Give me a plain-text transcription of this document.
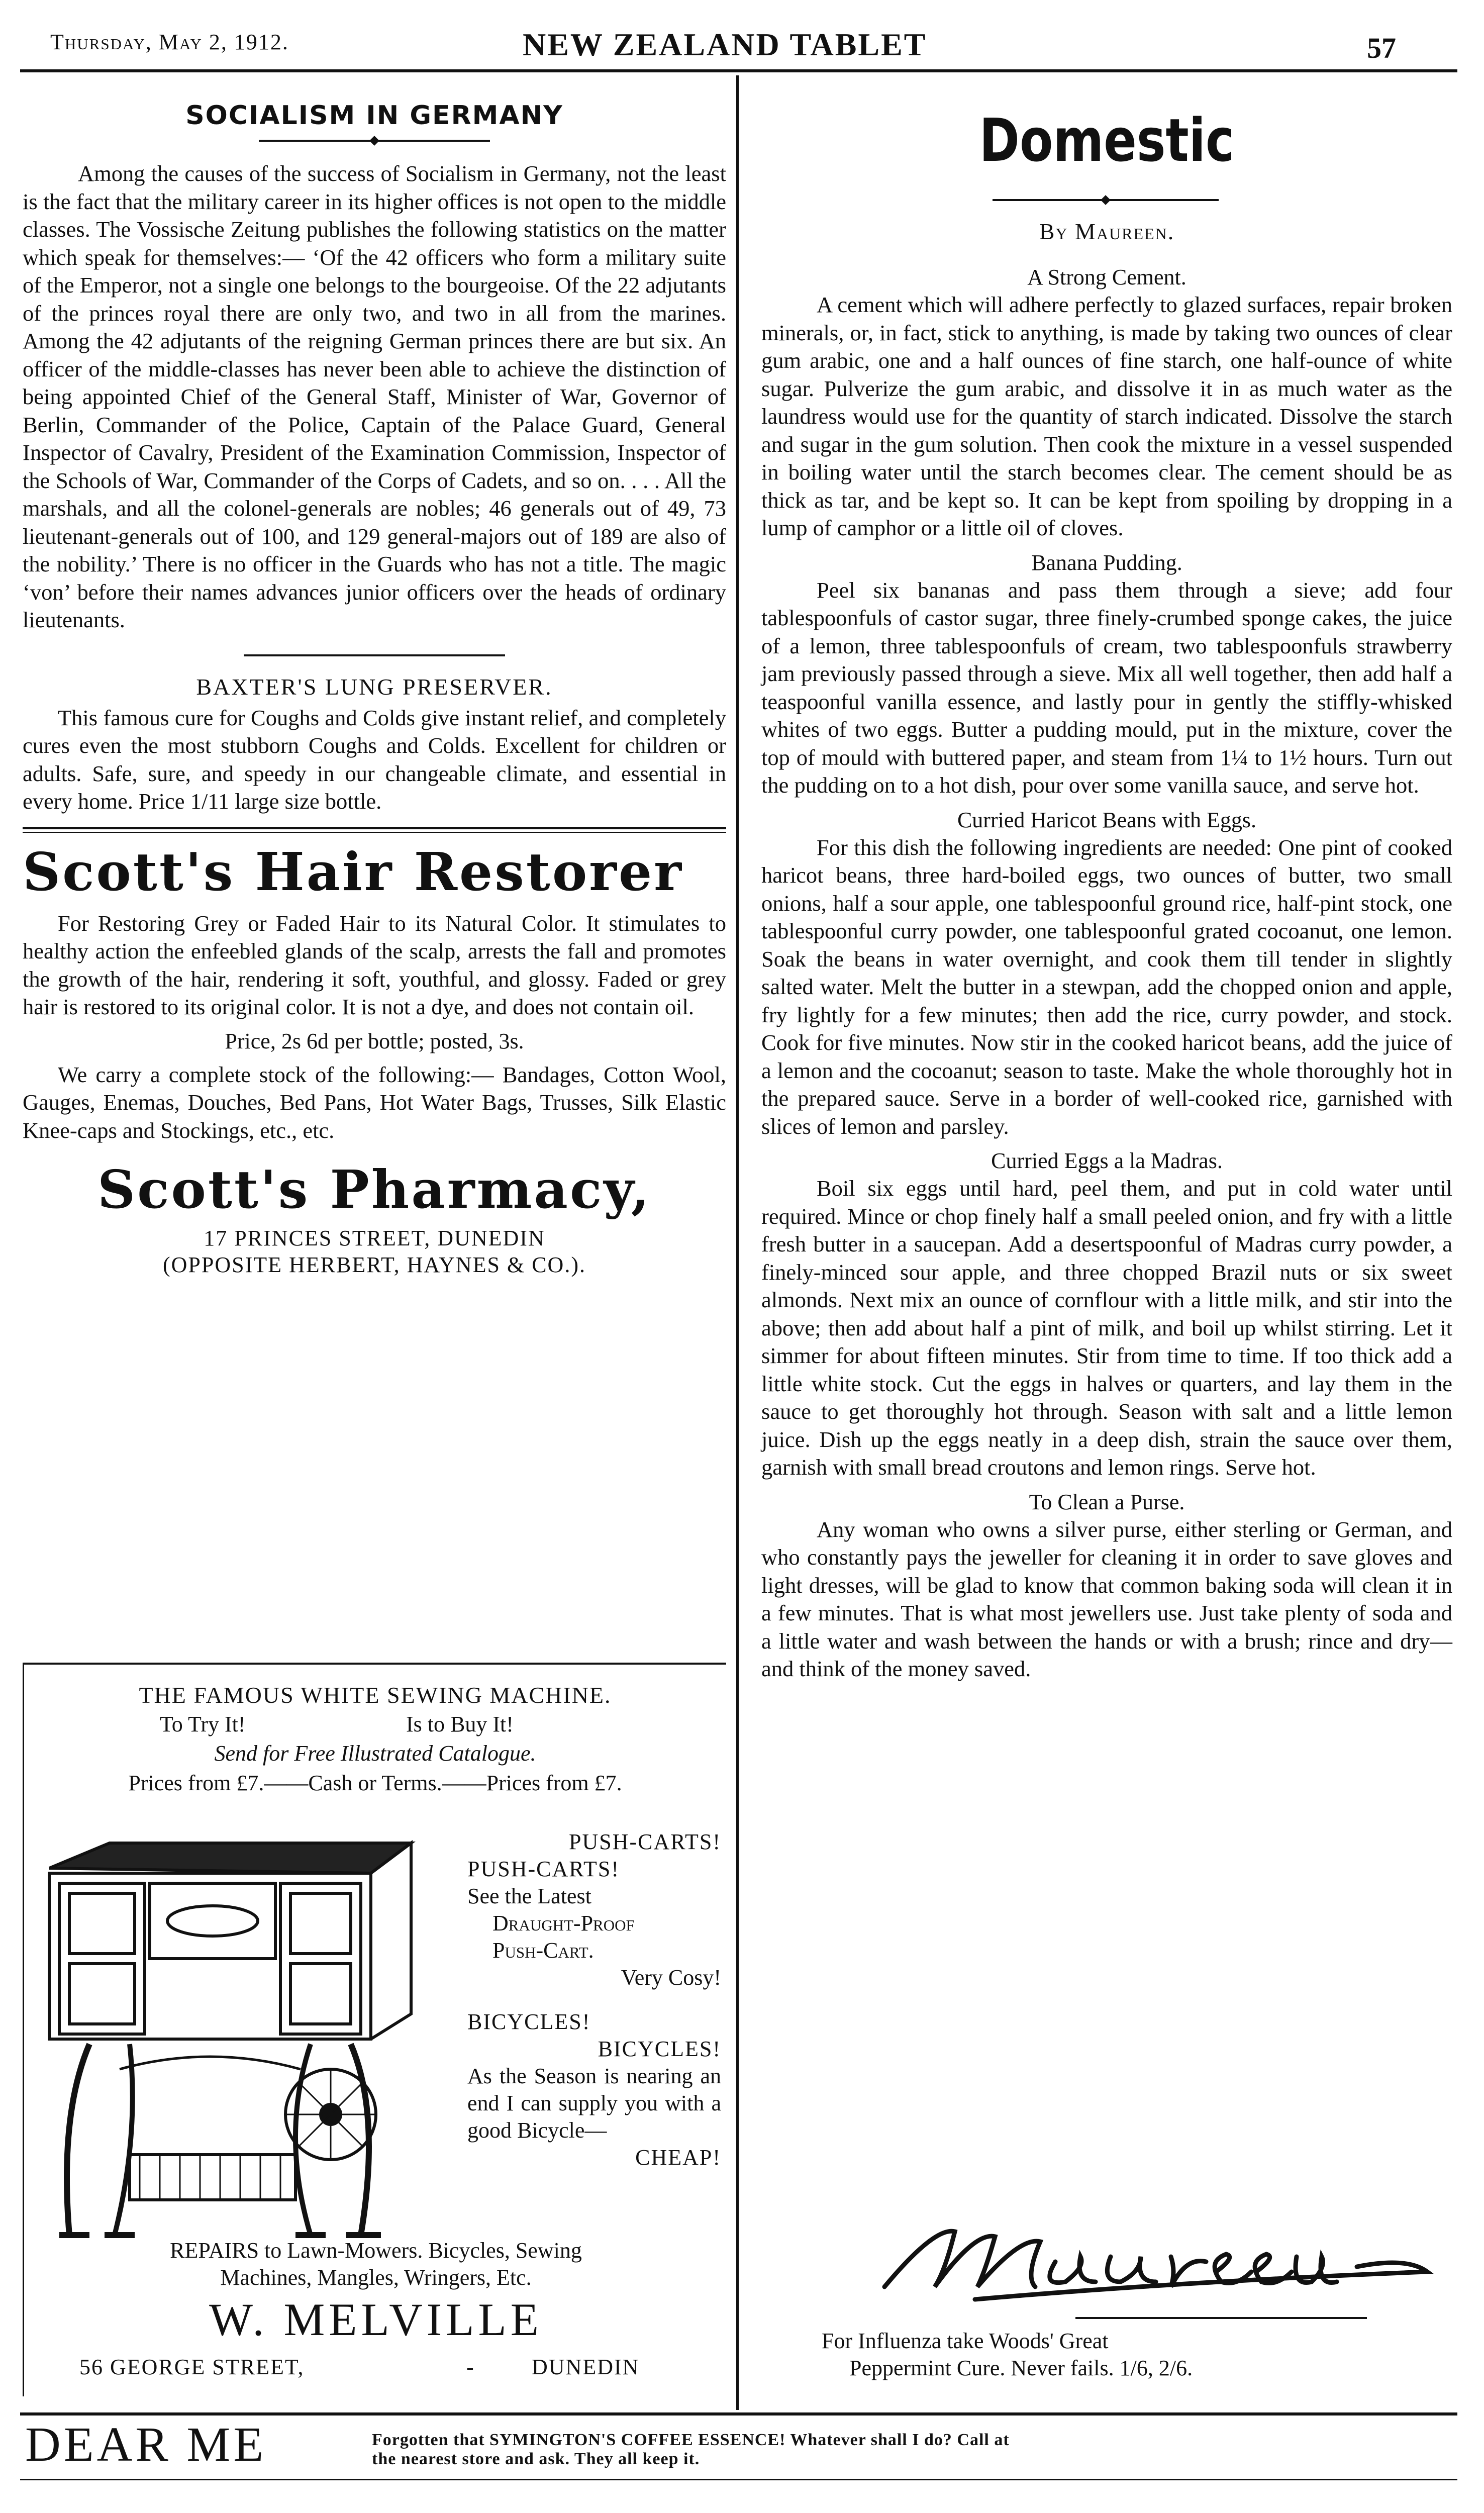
Thursday, May 2, 1912.	NEW ZEALAND TABLET	57
SOCIALISM IN GERMANY

Among the causes of the success of Socialism in Germany, not the least is the fact that the military career in its higher offices is not open to the middle classes. The Vossische Zeitung publishes the following statistics on the matter which speak for themselves:— ‘Of the 42 officers who form a military suite of the Emperor, not a single one belongs to the bourgeoise. Of the 22 adjutants of the princes royal there are only two, and two in all from the marines. Among the 42 adjutants of the reigning German princes there are but six. An officer of the middle-classes has never been able to achieve the distinction of being appointed Chief of the General Staff, Minister of War, Governor of Berlin, Commander of the Police, Captain of the Palace Guard, General Inspector of Cavalry, President of the Examination Commission, Inspector of the Schools of War, Commander of the Corps of Cadets, and so on. . . . All the marshals, and all the colonel-generals are nobles; 46 generals out of 49, 73 lieutenant-generals out of 100, and 129 general-majors out of 189 are also of the nobility.’ There is no officer in the Guards who has not a title. The magic ‘von’ before their names advances junior officers over the heads of ordinary lieutenants.

BAXTER'S LUNG PRESERVER.

This famous cure for Coughs and Colds give instant relief, and completely cures even the most stubborn Coughs and Colds. Excellent for children or adults. Safe, sure, and speedy in our changeable climate, and essential in every home. Price 1/11 large size bottle.

Scott's Hair Restorer

For Restoring Grey or Faded Hair to its Natural Color. It stimulates to healthy action the enfeebled glands of the scalp, arrests the fall and promotes the growth of the hair, rendering it soft, youthful, and glossy. Faded or grey hair is restored to its original color. It is not a dye, and does not contain oil.

Price, 2s 6d per bottle; posted, 3s.

We carry a complete stock of the following:— Bandages, Cotton Wool, Gauges, Enemas, Douches, Bed Pans, Hot Water Bags, Trusses, Silk Elastic Knee-caps and Stockings, etc., etc.

Scott's Pharmacy,
17 PRINCES STREET, DUNEDIN
(OPPOSITE HERBERT, HAYNES & CO.).
THE FAMOUS WHITE SEWING MACHINE.
To Try It!	Is to Buy It!
Send for Free Illustrated Catalogue.
Prices from £7.——Cash or Terms.——Prices from £7.
PUSH-CARTS!
PUSH-CARTS!
See the Latest
Draught-Proof
Push-Cart.
Very Cosy!
BICYCLES!
BICYCLES!
As the Season is nearing an end I can supply you with a good Bicycle—
CHEAP!
REPAIRS to Lawn-Mowers. Bicycles, Sewing
Machines, Mangles, Wringers, Etc.
W. MELVILLE
56 GEORGE STREET,	-	DUNEDIN
Domestic
By Maureen.
A Strong Cement.

A cement which will adhere perfectly to glazed surfaces, repair broken minerals, or, in fact, stick to anything, is made by taking two ounces of clear gum arabic, one and a half ounces of fine starch, one half-ounce of white sugar. Pulverize the gum arabic, and dissolve it in as much water as the laundress would use for the quantity of starch indicated. Dissolve the starch and sugar in the gum solution. Then cook the mixture in a vessel suspended in boiling water until the starch becomes clear. The cement should be as thick as tar, and be kept so. It can be kept from spoiling by dropping in a lump of camphor or a little oil of cloves.

Banana Pudding.

Peel six bananas and pass them through a sieve; add four tablespoonfuls of castor sugar, three finely-crumbed sponge cakes, the juice of a lemon, three tablespoonfuls of cream, two tablespoonfuls strawberry jam previously passed through a sieve. Mix all well together, then add half a teaspoonful vanilla essence, and lastly pour in gently the stiffly-whisked whites of two eggs. Butter a pudding mould, put in the mixture, cover the top of mould with buttered paper, and steam from 1¼ to 1½ hours. Turn out the pudding on to a hot dish, pour over some vanilla sauce, and serve hot.

Curried Haricot Beans with Eggs.

For this dish the following ingredients are needed: One pint of cooked haricot beans, three hard-boiled eggs, two ounces of butter, two small onions, half a sour apple, one tablespoonful ground rice, half-pint stock, one tablespoonful curry powder, one tablespoonful grated cocoanut, one lemon. Soak the beans in water overnight, and cook them till tender in slightly salted water. Melt the butter in a stewpan, add the chopped onion and apple, fry lightly for a few minutes; then add the rice, curry powder, and stock. Cook for five minutes. Now stir in the cooked haricot beans, add the juice of a lemon and the cocoanut; season to taste. Make the whole thoroughly hot in the prepared sauce. Serve in a border of well-cooked rice, garnished with slices of lemon and parsley.

Curried Eggs a la Madras.

Boil six eggs until hard, peel them, and put in cold water until required. Mince or chop finely half a small peeled onion, and fry with a little fresh butter in a saucepan. Add a desertspoonful of Madras curry powder, a finely-minced sour apple, and three chopped Brazil nuts or six sweet almonds. Next mix an ounce of cornflour with a little milk, and stir into the above; then add about half a pint of milk, and boil up whilst stirring. Let it simmer for about fifteen minutes. Stir from time to time. If too thick add a little white stock. Cut the eggs in halves or quarters, and lay them in the sauce to get thoroughly hot through. Season with salt and a little lemon juice. Dish up the eggs neatly in a deep dish, strain the sauce over them, garnish with small bread croutons and lemon rings. Serve hot.

To Clean a Purse.

Any woman who owns a silver purse, either sterling or German, and who constantly pays the jeweller for cleaning it in order to save gloves and light dresses, will be glad to know that common baking soda will clean it in a few minutes. That is what most jewellers use. Just take plenty of soda and a little water and wash between the hands or with a brush; rince and dry—and think of the money saved.

For Influenza take Woods' Great
Peppermint Cure. Never fails. 1/6, 2/6.
DEAR ME	Forgotten that SYMINGTON'S COFFEE ESSENCE! Whatever shall I do? Call at
the nearest store and ask. They all keep it.
